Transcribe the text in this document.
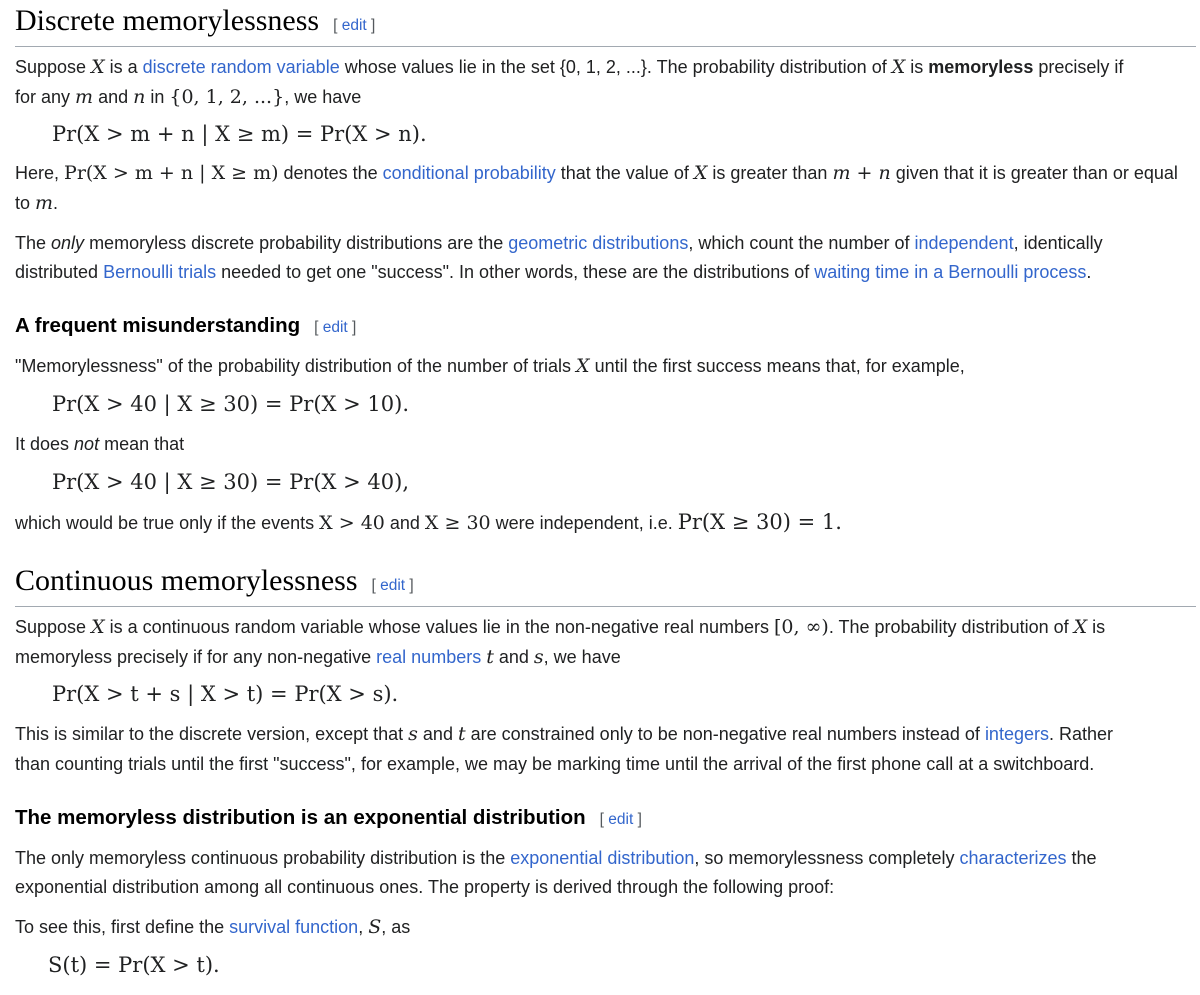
Discrete memorylessness [ edit ]
Suppose X is a discrete random variable whose values lie in the set {0, 1, 2, ...}. The probability distribution of X is memoryless precisely if
for any m and n in {0, 1, 2, ...}, we have
Pr(X > m + n | X ≥ m) = Pr(X > n).
Here, Pr(X > m + n | X ≥ m) denotes the conditional probability that the value of X is greater than m + n given that it is greater than or equal
to m.
The only memoryless discrete probability distributions are the geometric distributions, which count the number of independent, identically
distributed Bernoulli trials needed to get one "success". In other words, these are the distributions of waiting time in a Bernoulli process.
A frequent misunderstanding [ edit ]
"Memorylessness" of the probability distribution of the number of trials X until the first success means that, for example,
Pr(X > 40 | X ≥ 30) = Pr(X > 10).
It does not mean that
Pr(X > 40 | X ≥ 30) = Pr(X > 40),
which would be true only if the events X > 40 and X ≥ 30 were independent, i.e. Pr(X ≥ 30) = 1.
Continuous memorylessness [ edit ]
Suppose X is a continuous random variable whose values lie in the non-negative real numbers [0, ∞). The probability distribution of X is
memoryless precisely if for any non-negative real numbers t and s, we have
Pr(X > t + s | X > t) = Pr(X > s).
This is similar to the discrete version, except that s and t are constrained only to be non-negative real numbers instead of integers. Rather
than counting trials until the first "success", for example, we may be marking time until the arrival of the first phone call at a switchboard.
The memoryless distribution is an exponential distribution [ edit ]
The only memoryless continuous probability distribution is the exponential distribution, so memorylessness completely characterizes the
exponential distribution among all continuous ones. The property is derived through the following proof:
To see this, first define the survival function, S, as
S(t) = Pr(X > t).
